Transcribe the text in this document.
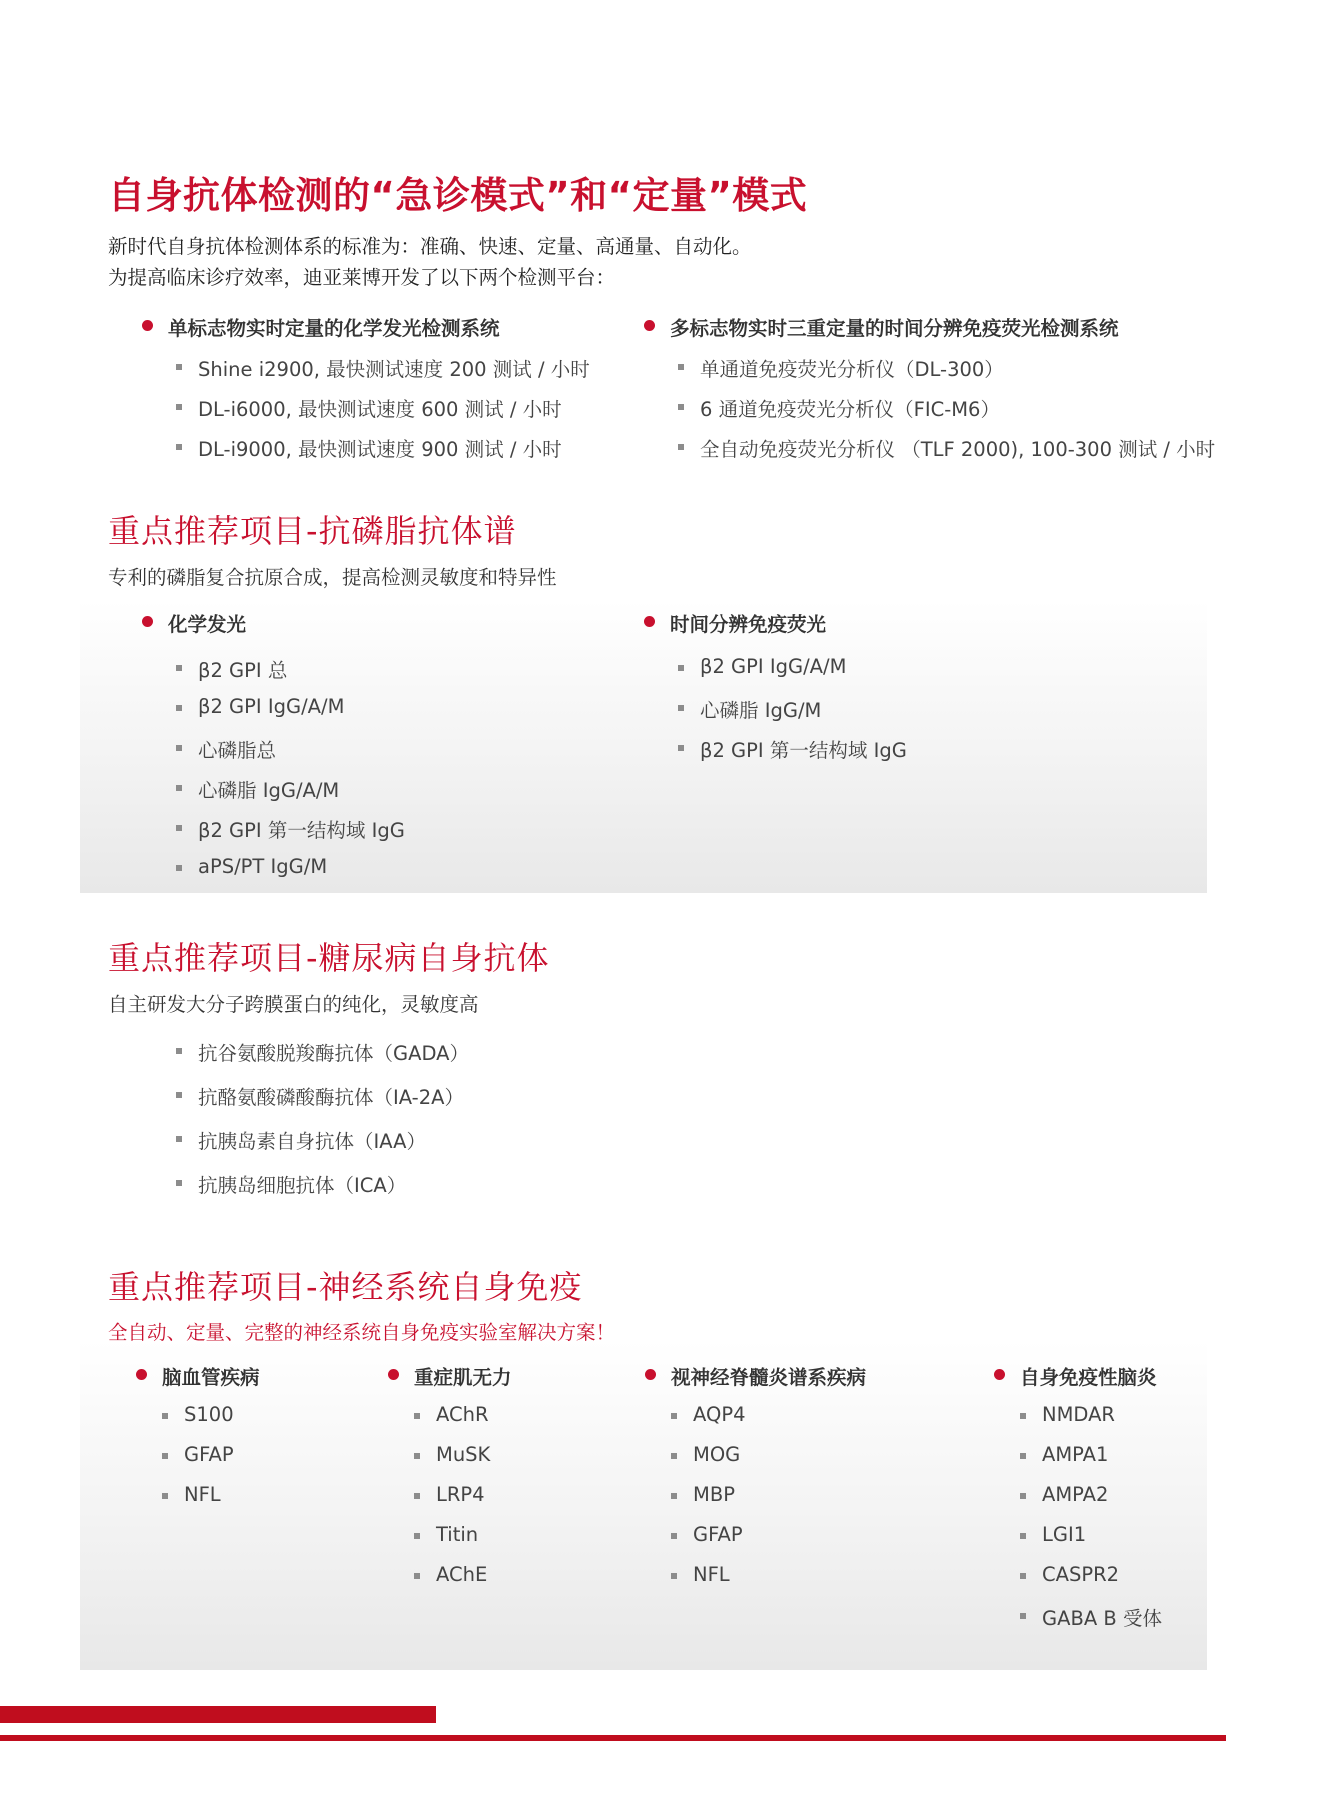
自身抗体检测的“急诊模式”和“定量”模式
新时代自身抗体检测体系的标准为：准确、快速、定量、高通量、自动化。
为提高临床诊疗效率，迪亚莱博开发了以下两个检测平台：
单标志物实时定量的化学发光检测系统
Shine i2900, 最快测试速度 200 测试 / 小时
DL-i6000, 最快测试速度 600 测试 / 小时
DL-i9000, 最快测试速度 900 测试 / 小时
多标志物实时三重定量的时间分辨免疫荧光检测系统
单通道免疫荧光分析仪（DL-300）
6 通道免疫荧光分析仪（FIC-M6）
全自动免疫荧光分析仪 （TLF 2000), 100-300 测试 / 小时
重点推荐项目-抗磷脂抗体谱
专利的磷脂复合抗原合成，提高检测灵敏度和特异性
化学发光
β2 GPI 总
β2 GPI IgG/A/M
心磷脂总
心磷脂 IgG/A/M
β2 GPI 第一结构域 IgG
aPS/PT IgG/M
时间分辨免疫荧光
β2 GPI IgG/A/M
心磷脂 IgG/M
β2 GPI 第一结构域 IgG
重点推荐项目-糖尿病自身抗体
自主研发大分子跨膜蛋白的纯化，灵敏度高
抗谷氨酸脱羧酶抗体（GADA）
抗酪氨酸磷酸酶抗体（IA-2A）
抗胰岛素自身抗体（IAA）
抗胰岛细胞抗体（ICA）
重点推荐项目-神经系统自身免疫
全自动、定量、完整的神经系统自身免疫实验室解决方案！
脑血管疾病
S100
GFAP
NFL
重症肌无力
AChR
MuSK
LRP4
Titin
AChE
视神经脊髓炎谱系疾病
AQP4
MOG
MBP
GFAP
NFL
自身免疫性脑炎
NMDAR
AMPA1
AMPA2
LGI1
CASPR2
GABA B 受体
